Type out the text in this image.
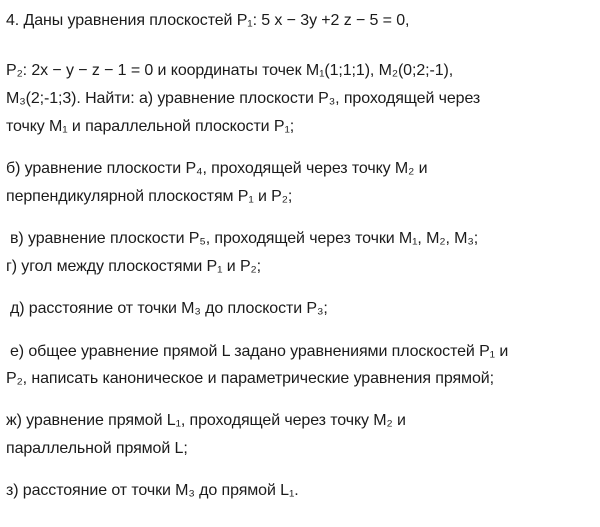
4. Даны уравнения плоскостей P₁: 5 x − 3y +2 z − 5 = 0,
P₂: 2x − y − z − 1 = 0 и координаты точек M₁(1;1;1), M₂(0;2;-1),
M₃(2;-1;3). Найти: а) уравнение плоскости P₃, проходящей через
точку M₁ и параллельной плоскости P₁;
б) уравнение плоскости P₄, проходящей через точку M₂ и
перпендикулярной плоскостям P₁ и P₂;
в) уравнение плоскости P₅, проходящей через точки M₁, M₂, M₃;
г) угол между плоскостями P₁ и P₂;
д) расстояние от точки M₃ до плоскости P₃;
е) общее уравнение прямой L задано уравнениями плоскостей P₁ и
P₂, написать каноническое и параметрические уравнения прямой;
ж) уравнение прямой L₁, проходящей через точку M₂ и
параллельной прямой L;
з) расстояние от точки M₃ до прямой L₁.
